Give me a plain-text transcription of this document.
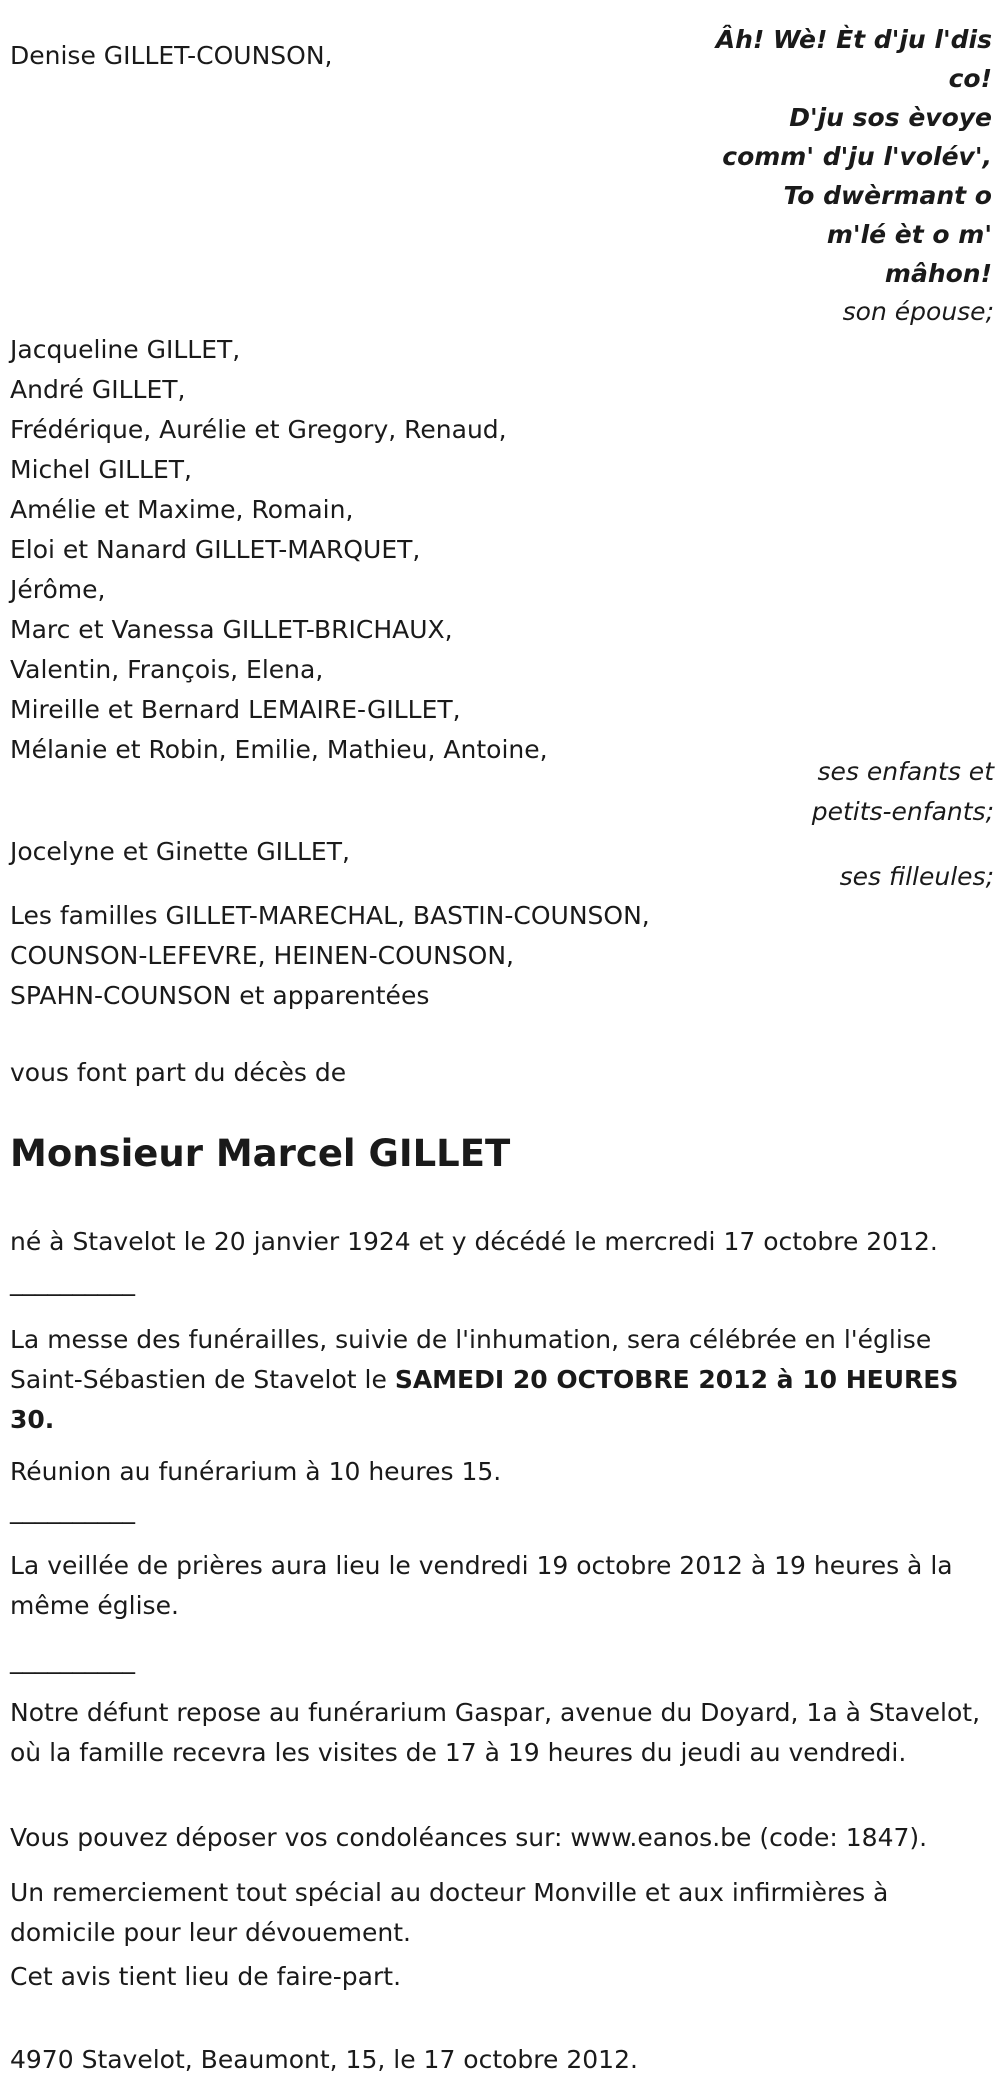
Denise GILLET-COUNSON,
Âh! Wè! Èt d'ju l'dis
co!
D'ju sos èvoye
comm' d'ju l'volév',
To dwèrmant o
m'lé èt o m'
mâhon!
son épouse;
Jacqueline GILLET,
André GILLET,
Frédérique, Aurélie et Gregory, Renaud,
Michel GILLET,
Amélie et Maxime, Romain,
Eloi et Nanard GILLET-MARQUET,
Jérôme,
Marc et Vanessa GILLET-BRICHAUX,
Valentin, François, Elena,
Mireille et Bernard LEMAIRE-GILLET,
Mélanie et Robin, Emilie, Mathieu, Antoine,
ses enfants et
petits-enfants;
Jocelyne et Ginette GILLET,
ses filleules;
Les familles GILLET-MARECHAL, BASTIN-COUNSON,
COUNSON-LEFEVRE, HEINEN-COUNSON,
SPAHN-COUNSON et apparentées
vous font part du décès de
Monsieur Marcel GILLET
né à Stavelot le 20 janvier 1924 et y décédé le mercredi 17 octobre 2012.
__________
La messe des funérailles, suivie de l'inhumation, sera célébrée en l'église Saint-Sébastien de Stavelot le SAMEDI 20 OCTOBRE 2012 à 10 HEURES 30.
Réunion au funérarium à 10 heures 15.
__________
La veillée de prières aura lieu le vendredi 19 octobre 2012 à 19 heures à la même église.
__________
Notre défunt repose au funérarium Gaspar, avenue du Doyard, 1a à Stavelot, où la famille recevra les visites de 17 à 19 heures du jeudi au vendredi.
Vous pouvez déposer vos condoléances sur: www.eanos.be (code: 1847).
Un remerciement tout spécial au docteur Monville et aux infirmières à domicile pour leur dévouement.
Cet avis tient lieu de faire-part.
4970 Stavelot, Beaumont, 15, le 17 octobre 2012.
